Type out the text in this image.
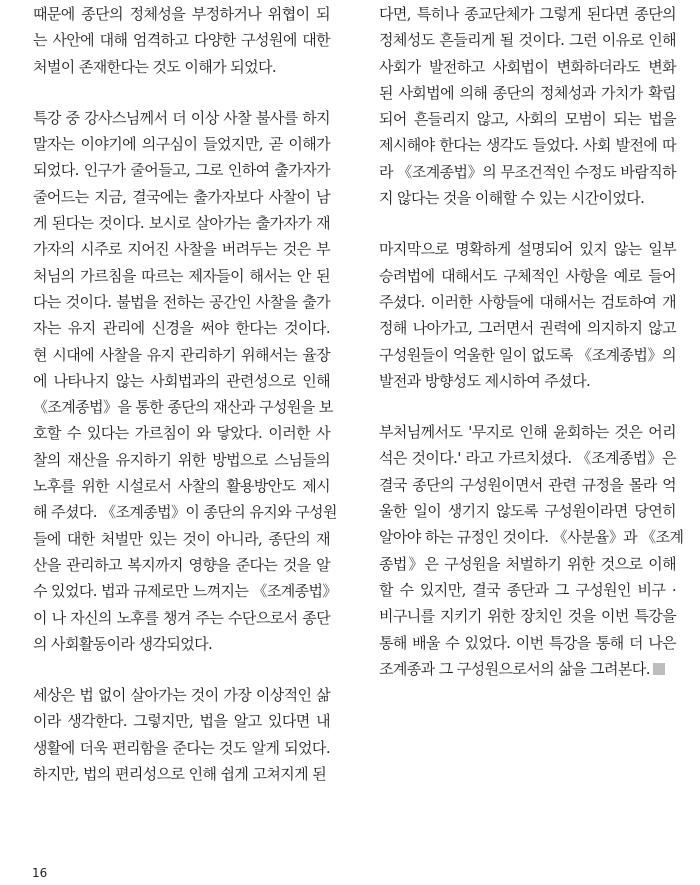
때문에 종단의 정체성을 부정하거나 위협이 되
는 사안에 대해 엄격하고 다양한 구성원에 대한
처벌이 존재한다는 것도 이해가 되었다.
특강 중 강사스님께서 더 이상 사찰 불사를 하지
말자는 이야기에 의구심이 들었지만, 곧 이해가
되었다. 인구가 줄어들고, 그로 인하여 출가자가
줄어드는 지금, 결국에는 출가자보다 사찰이 남
게 된다는 것이다. 보시로 살아가는 출가자가 재
가자의 시주로 지어진 사찰을 버려두는 것은 부
처님의 가르침을 따르는 제자들이 해서는 안 된
다는 것이다. 불법을 전하는 공간인 사찰을 출가
자는 유지 관리에 신경을 써야 한다는 것이다.
현 시대에 사찰을 유지 관리하기 위해서는 율장
에 나타나지 않는 사회법과의 관련성으로 인해
《조계종법》을 통한 종단의 재산과 구성원을 보
호할 수 있다는 가르침이 와 닿았다. 이러한 사
찰의 재산을 유지하기 위한 방법으로 스님들의
노후를 위한 시설로서 사찰의 활용방안도 제시
해 주셨다. 《조계종법》이 종단의 유지와 구성원
들에 대한 처벌만 있는 것이 아니라, 종단의 재
산을 관리하고 복지까지 영향을 준다는 것을 알
수 있었다. 법과 규제로만 느껴지는 《조계종법》
이 나 자신의 노후를 챙겨 주는 수단으로서 종단
의 사회활동이라 생각되었다.
세상은 법 없이 살아가는 것이 가장 이상적인 삶
이라 생각한다. 그렇지만, 법을 알고 있다면 내
생활에 더욱 편리함을 준다는 것도 알게 되었다.
하지만, 법의 편리성으로 인해 쉽게 고쳐지게 된
다면, 특히나 종교단체가 그렇게 된다면 종단의
정체성도 흔들리게 될 것이다. 그런 이유로 인해
사회가 발전하고 사회법이 변화하더라도 변화
된 사회법에 의해 종단의 정체성과 가치가 확립
되어 흔들리지 않고, 사회의 모범이 되는 법을
제시해야 한다는 생각도 들었다. 사회 발전에 따
라 《조계종법》의 무조건적인 수정도 바람직하
지 않다는 것을 이해할 수 있는 시간이었다.
마지막으로 명확하게 설명되어 있지 않는 일부
승려법에 대해서도 구체적인 사항을 예로 들어
주셨다. 이러한 사항들에 대해서는 검토하여 개
정해 나아가고, 그러면서 권력에 의지하지 않고
구성원들이 억울한 일이 없도록 《조계종법》의
발전과 방향성도 제시하여 주셨다.
부처님께서도 '무지로 인해 윤회하는 것은 어리
석은 것이다.' 라고 가르치셨다. 《조계종법》은
결국 종단의 구성원이면서 관련 규정을 몰라 억
울한 일이 생기지 않도록 구성원이라면 당연히
알아야 하는 규정인 것이다. 《사분율》과 《조계
종법》은 구성원을 처벌하기 위한 것으로 이해
할 수 있지만, 결국 종단과 그 구성원인 비구 ·
비구니를 지키기 위한 장치인 것을 이번 특강을
통해 배울 수 있었다. 이번 특강을 통해 더 나은
조계종과 그 구성원으로서의 삶을 그려본다.
16
